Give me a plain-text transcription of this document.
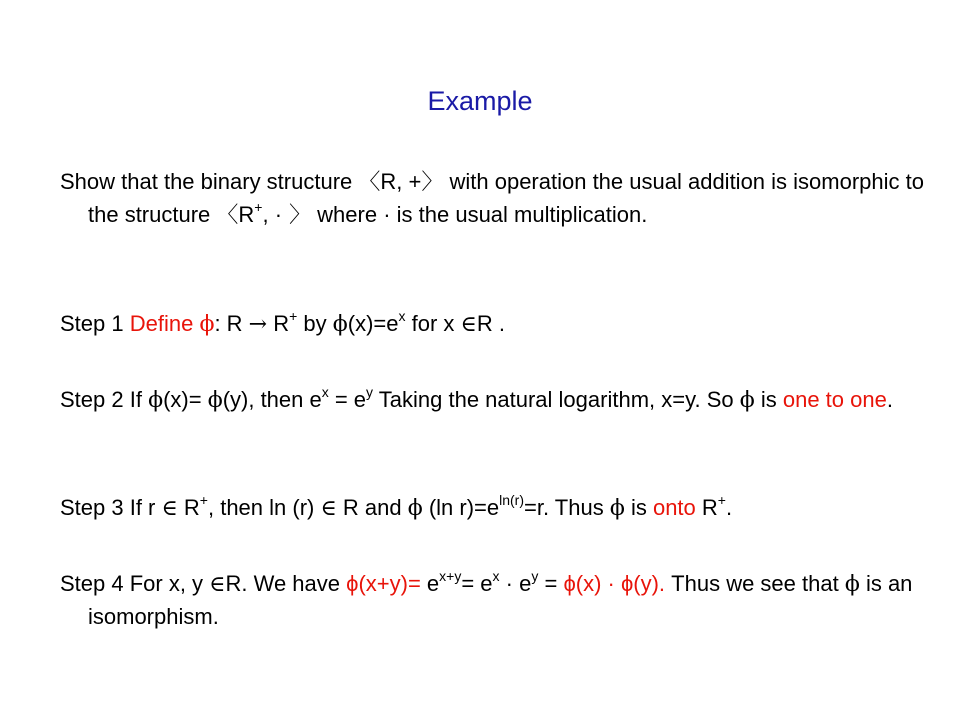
Example
Show that the binary structure 〈R, +〉 with operation the usual addition is isomorphic to the structure 〈R+, · 〉 where · is the usual multiplication.
Step 1 Define ϕ: R → R+ by $\phi(x)=e^x$ for x ∈R .
Step 2 If ϕ(x)= ϕ(y), then $e^x = e^y$ Taking the natural logarithm, x=y. So ϕ is one to one.
Step 3 If r ∈ R+, then ln (r) ∈ R and ϕ (ln $r)=e^{ln(r)}=r$. Thus ϕ is onto R+.
Step 4 For x, y ∈R. We have $\phi(x+y)= e^{x+y}= e^x \cdot e^y = \phi(x) \cdot \phi(y)$. Thus we see that ϕ is an isomorphism.
